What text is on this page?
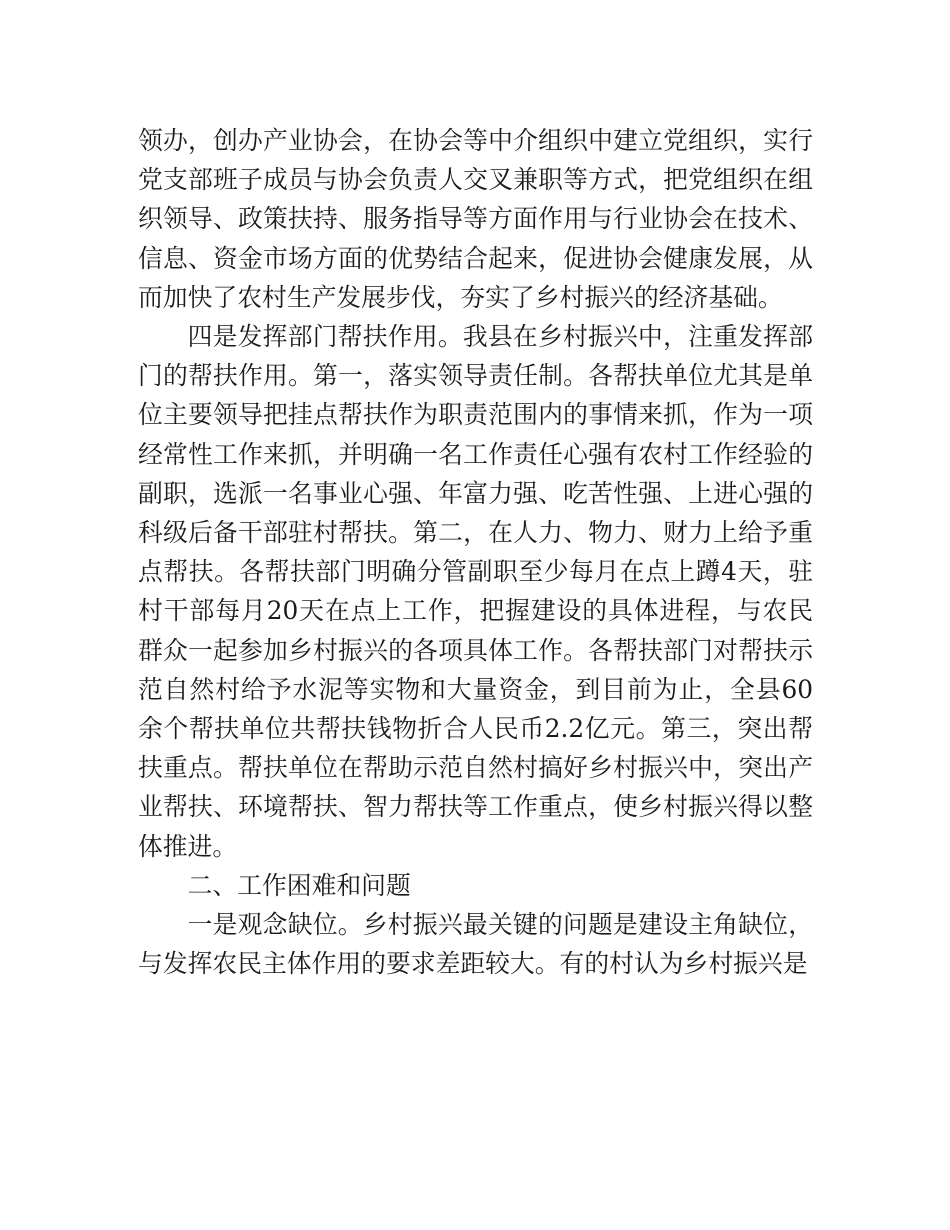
领办，创办产业协会，在协会等中介组织中建立党组织，实行党支部班子成员与协会负责人交叉兼职等方式，把党组织在组织领导、政策扶持、服务指导等方面作用与行业协会在技术、信息、资金市场方面的优势结合起来，促进协会健康发展，从而加快了农村生产发展步伐，夯实了乡村振兴的经济基础。

四是发挥部门帮扶作用。我县在乡村振兴中，注重发挥部门的帮扶作用。第一，落实领导责任制。各帮扶单位尤其是单位主要领导把挂点帮扶作为职责范围内的事情来抓，作为一项经常性工作来抓，并明确一名工作责任心强有农村工作经验的副职，选派一名事业心强、年富力强、吃苦性强、上进心强的科级后备干部驻村帮扶。第二，在人力、物力、财力上给予重点帮扶。各帮扶部门明确分管副职至少每月在点上蹲4天，驻村干部每月20天在点上工作，把握建设的具体进程，与农民群众一起参加乡村振兴的各项具体工作。各帮扶部门对帮扶示范自然村给予水泥等实物和大量资金，到目前为止，全县60余个帮扶单位共帮扶钱物折合人民币2.2亿元。第三，突出帮扶重点。帮扶单位在帮助示范自然村搞好乡村振兴中，突出产业帮扶、环境帮扶、智力帮扶等工作重点，使乡村振兴得以整体推进。

二、工作困难和问题

一是观念缺位。乡村振兴最关键的问题是建设主角缺位，与发挥农民主体作用的要求差距较大。有的村认为乡村振兴是
